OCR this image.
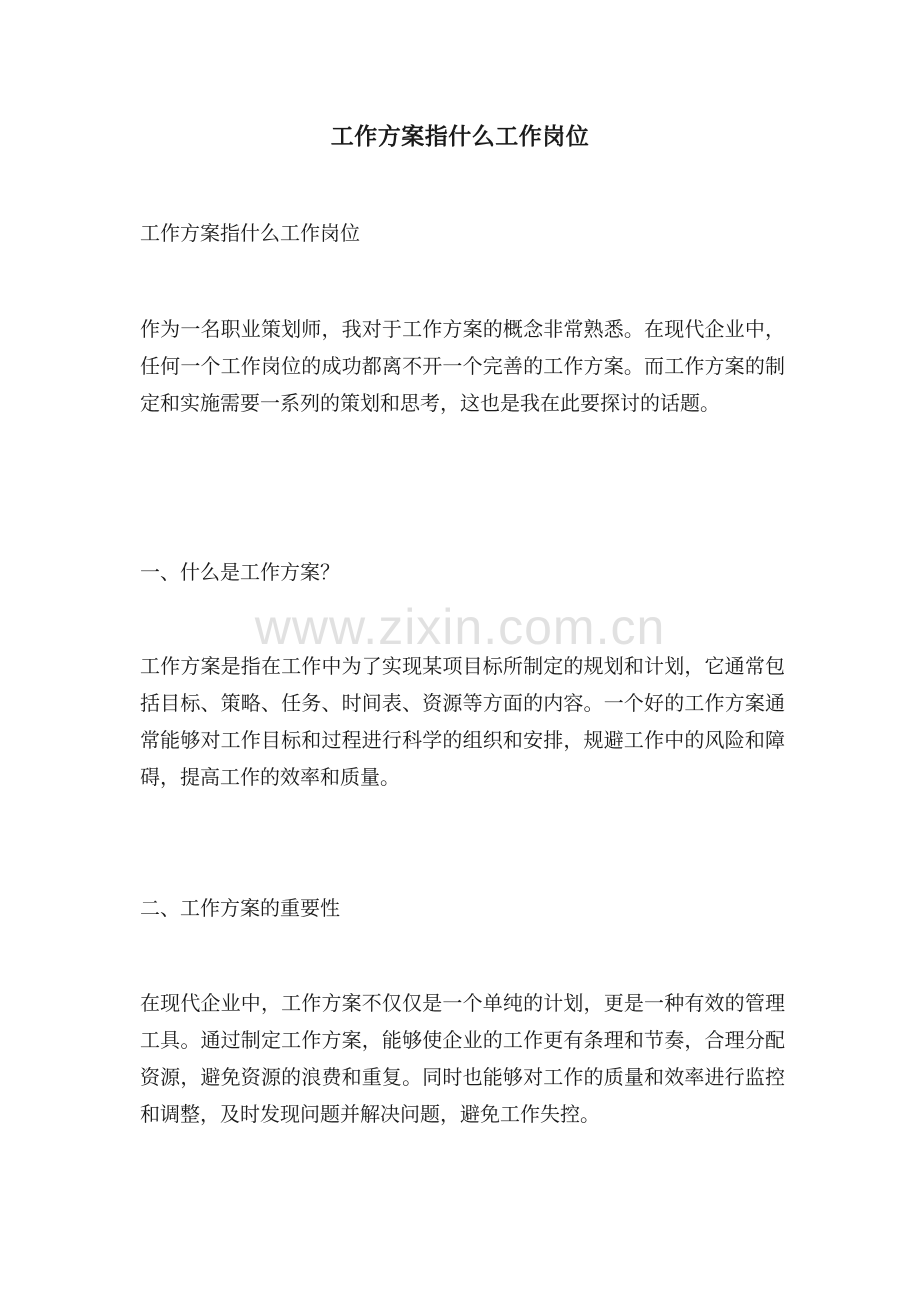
工作方案指什么工作岗位

工作方案指什么工作岗位

作为一名职业策划师，我对于工作方案的概念非常熟悉。在现代企业中，任何一个工作岗位的成功都离不开一个完善的工作方案。而工作方案的制定和实施需要一系列的策划和思考，这也是我在此要探讨的话题。

一、什么是工作方案？

www.zixin.com.cn

工作方案是指在工作中为了实现某项目标所制定的规划和计划，它通常包括目标、策略、任务、时间表、资源等方面的内容。一个好的工作方案通常能够对工作目标和过程进行科学的组织和安排，规避工作中的风险和障碍，提高工作的效率和质量。

二、工作方案的重要性

在现代企业中，工作方案不仅仅是一个单纯的计划，更是一种有效的管理工具。通过制定工作方案，能够使企业的工作更有条理和节奏，合理分配资源，避免资源的浪费和重复。同时也能够对工作的质量和效率进行监控和调整，及时发现问题并解决问题，避免工作失控。
